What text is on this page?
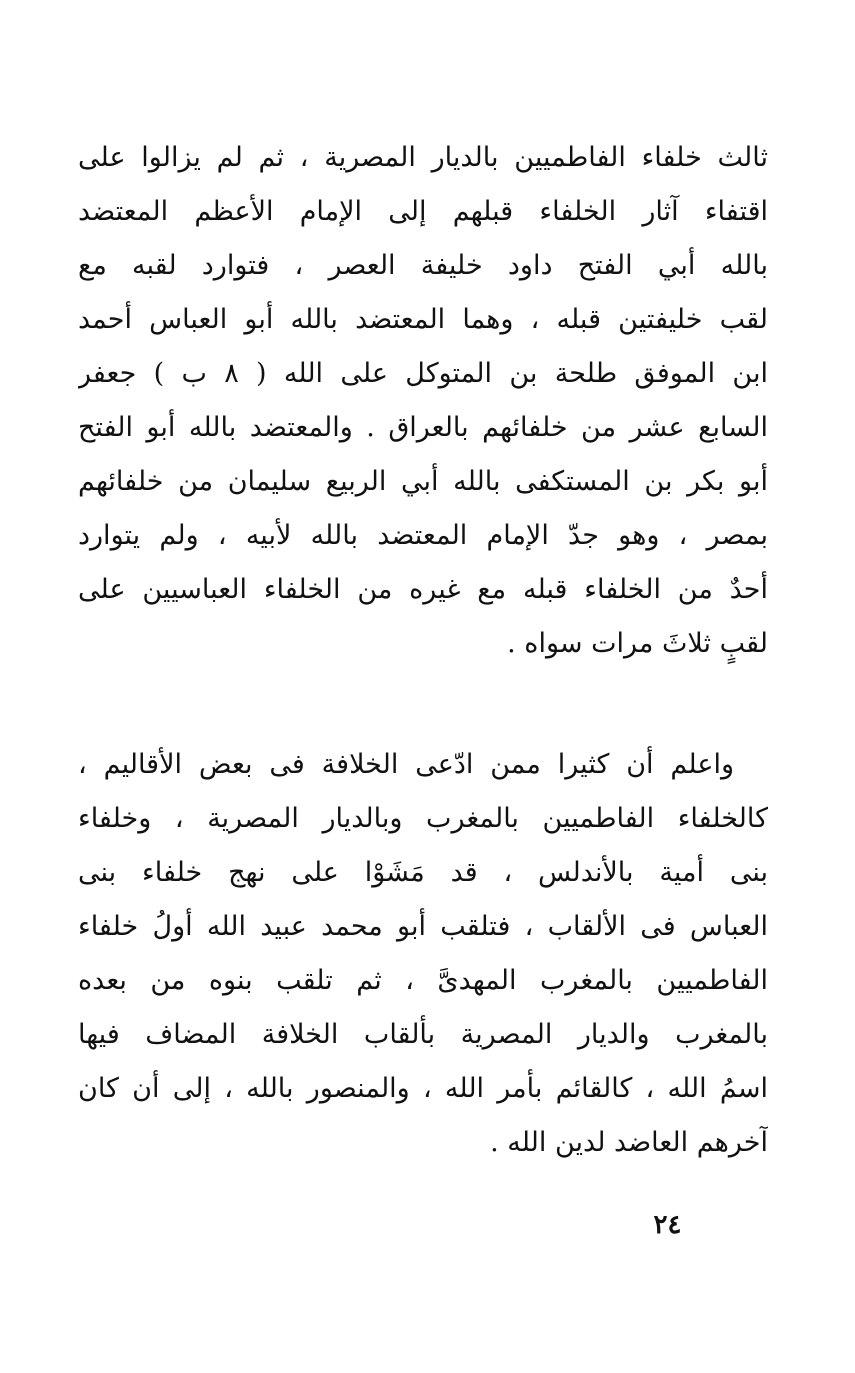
ثالث خلفاء الفاطميين بالديار المصرية ، ثم لم يزالوا على
اقتفاء آثار الخلفاء قبلهم إلى الإمام الأعظم المعتضد
بالله أبي الفتح داود خليفة العصر ، فتوارد لقبه مع
لقب خليفتين قبله ، وهما المعتضد بالله أبو العباس أحمد
ابن الموفق طلحة بن المتوكل على الله ( ٨ ب ) جعفر
السابع عشر من خلفائهم بالعراق . والمعتضد بالله أبو الفتح
أبو بكر بن المستكفى بالله أبي الربيع سليمان من خلفائهم
بمصر ، وهو جدّ الإمام المعتضد بالله لأبيه ، ولم يتوارد
أحدٌ من الخلفاء قبله مع غيره من الخلفاء العباسيين على
لقبٍ ثلاثَ مرات سواه .
واعلم أن كثيرا ممن ادّعى الخلافة فى بعض الأقاليم ،
كالخلفاء الفاطميين بالمغرب وبالديار المصرية ، وخلفاء
بنى أمية بالأندلس ، قد مَشَوْا على نهج خلفاء بنى
العباس فى الألقاب ، فتلقب أبو محمد عبيد الله أولُ خلفاء
الفاطميين بالمغرب المهدىَّ ، ثم تلقب بنوه من بعده
بالمغرب والديار المصرية بألقاب الخلافة المضاف فيها
اسمُ الله ، كالقائم بأمر الله ، والمنصور بالله ، إلى أن كان
آخرهم العاضد لدين الله .
٢٤
